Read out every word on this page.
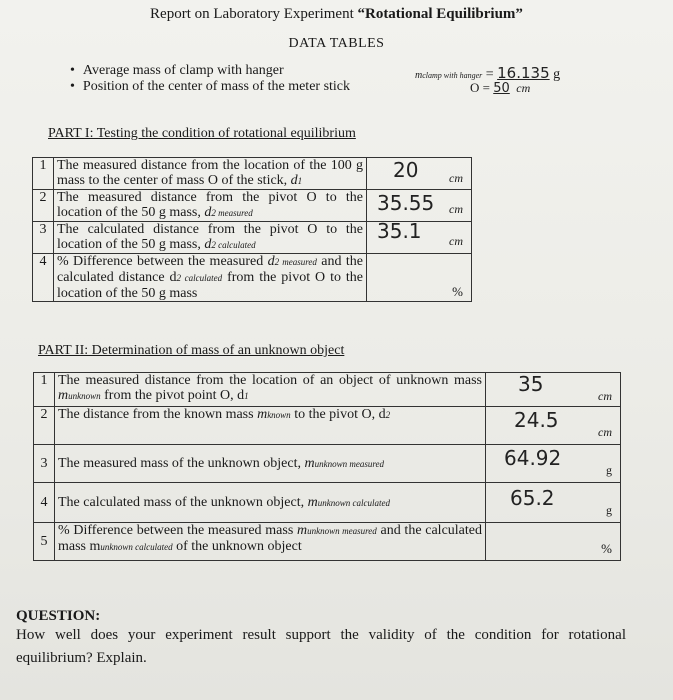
Report on Laboratory Experiment “Rotational Equilibrium”
DATA TABLES
• Average mass of clamp with hanger
• Position of the center of mass of the meter stick
mclamp with hanger = 16.135 g
O = 50 cm
PART I: Testing the condition of rotational equilibrium
1	The measured distance from the location of the 100 g mass to the center of mass O of the stick, d1	20 cm

2	The measured distance from the pivot O to the location of the 50 g mass, d2 measured	35.55 cm

3	The calculated distance from the pivot O to the location of the 50 g mass, d2 calculated	35.1 cm

4	% Difference between the measured d2 measured and the calculated distance d2 calculated from the pivot O to the location of the 50 g mass	%
PART II: Determination of mass of an unknown object
1	The measured distance from the location of an object of unknown mass munknown from the pivot point O, d1	35 cm

2	The distance from the known mass mknown to the pivot O, d2	24.5 cm

3	The measured mass of the unknown object, munknown measured	64.92 g

4	The calculated mass of the unknown object, munknown calculated	65.2 g

5	% Difference between the measured mass munknown measured and the calculated mass munknown calculated of the unknown object	%
QUESTION:
How well does your experiment result support the validity of the condition for rotational equilibrium? Explain.
